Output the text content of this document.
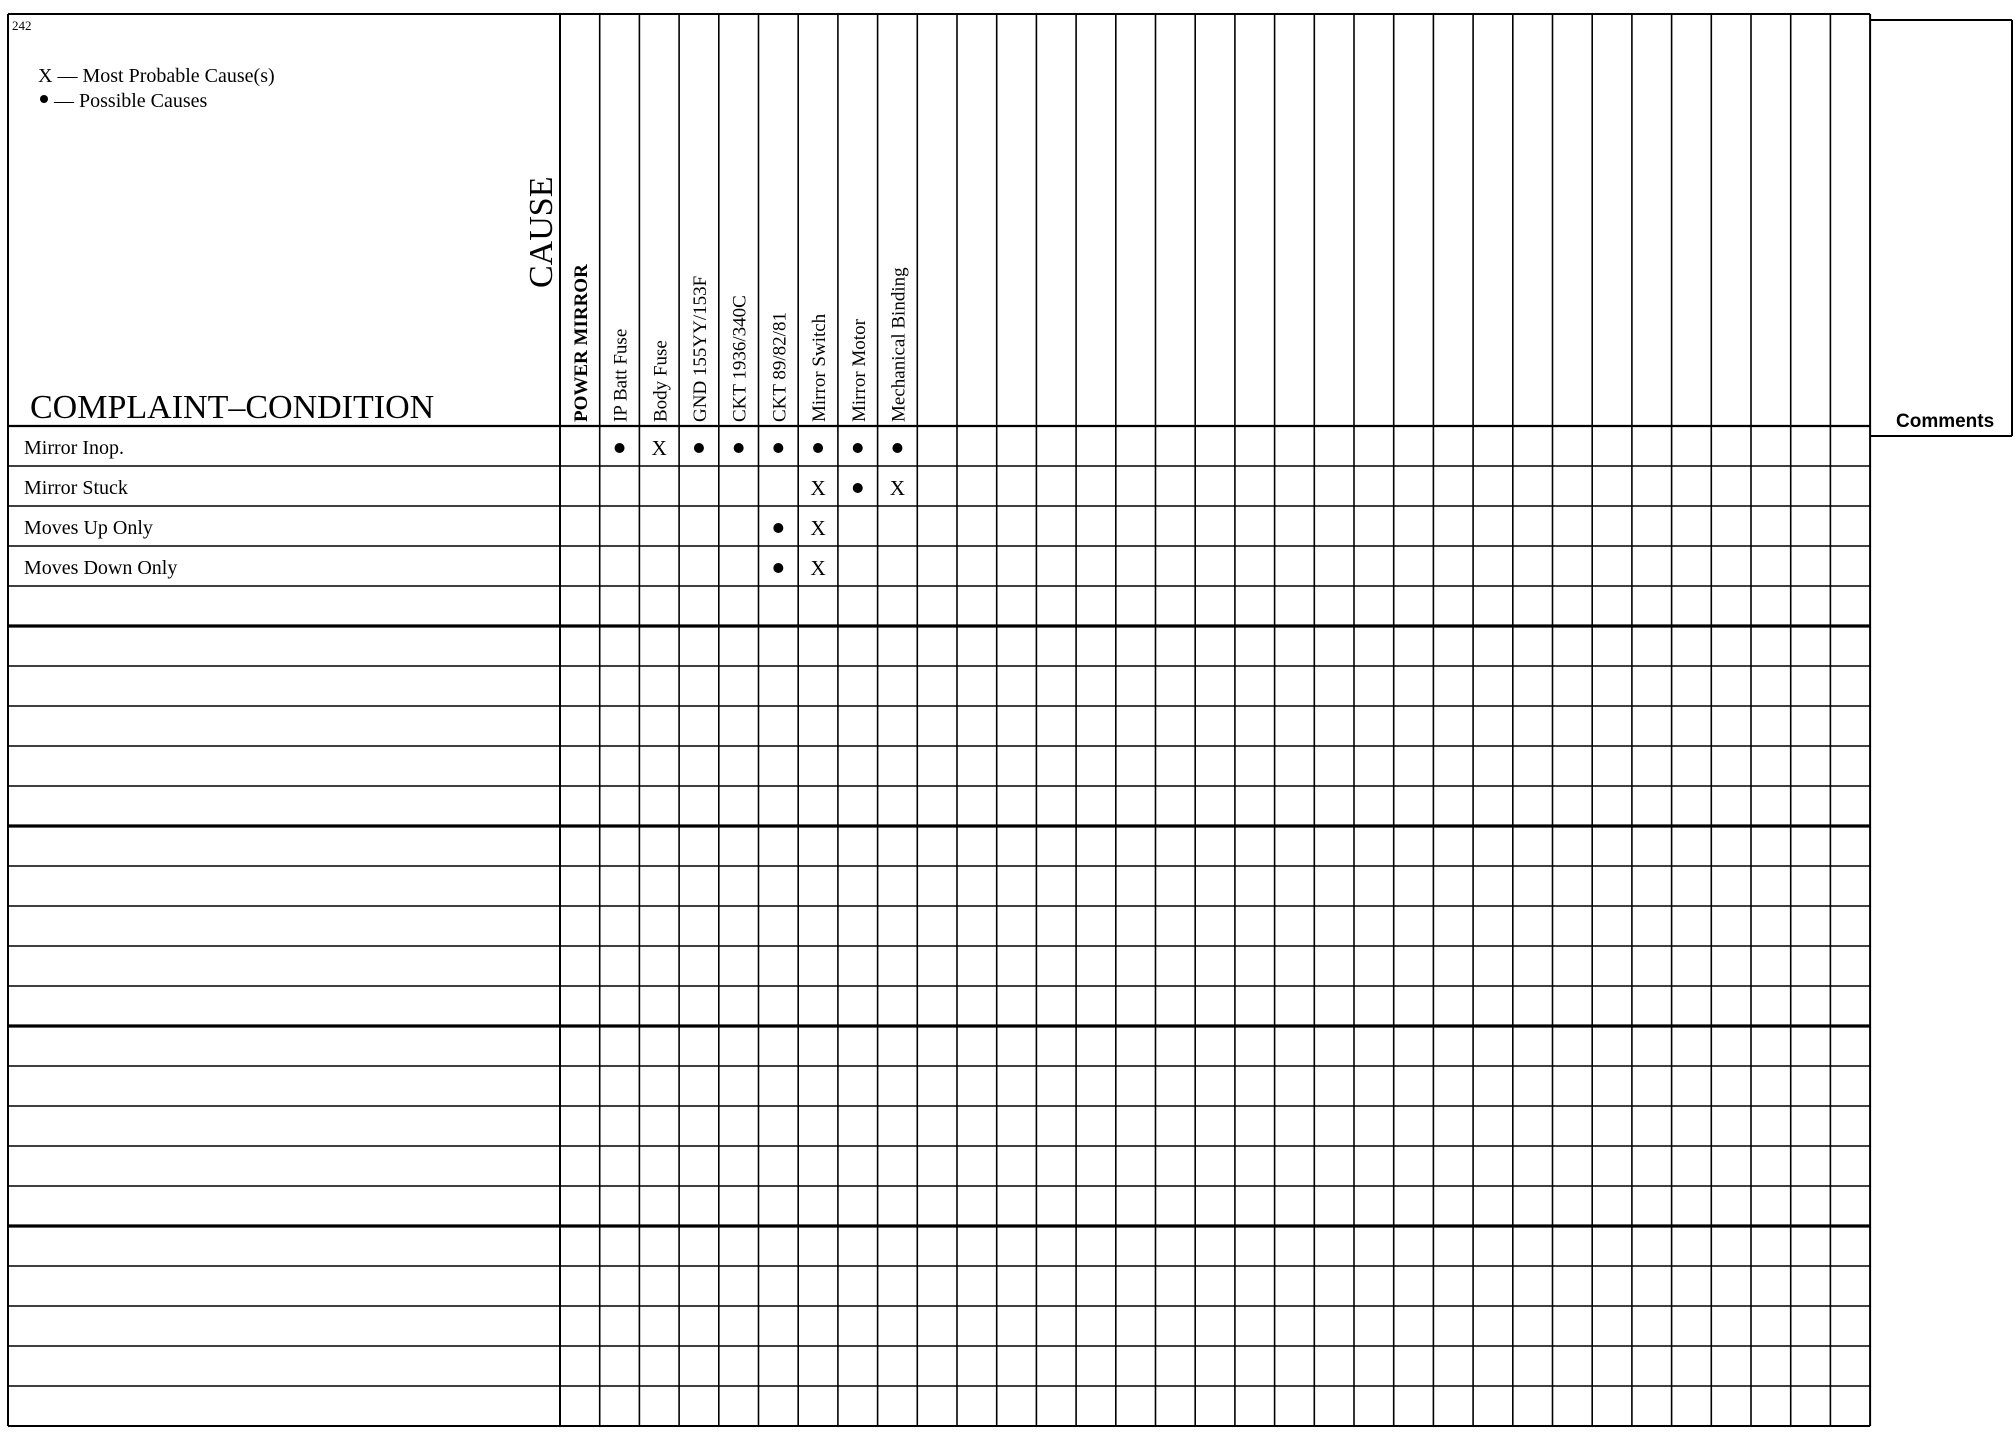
242
X — Most Probable Cause(s)
— Possible Causes
CAUSE
COMPLAINT–CONDITION	Comments
POWER MIRROR IP Batt Fuse Body Fuse GND 155YY/153F CKT 1936/340C CKT 89/82/81 Mirror Switch Mirror Motor Mechanical Binding
Mirror Inop.
Mirror Stuck
Moves Up Only
Moves Down Only
X
X	X
X
X
